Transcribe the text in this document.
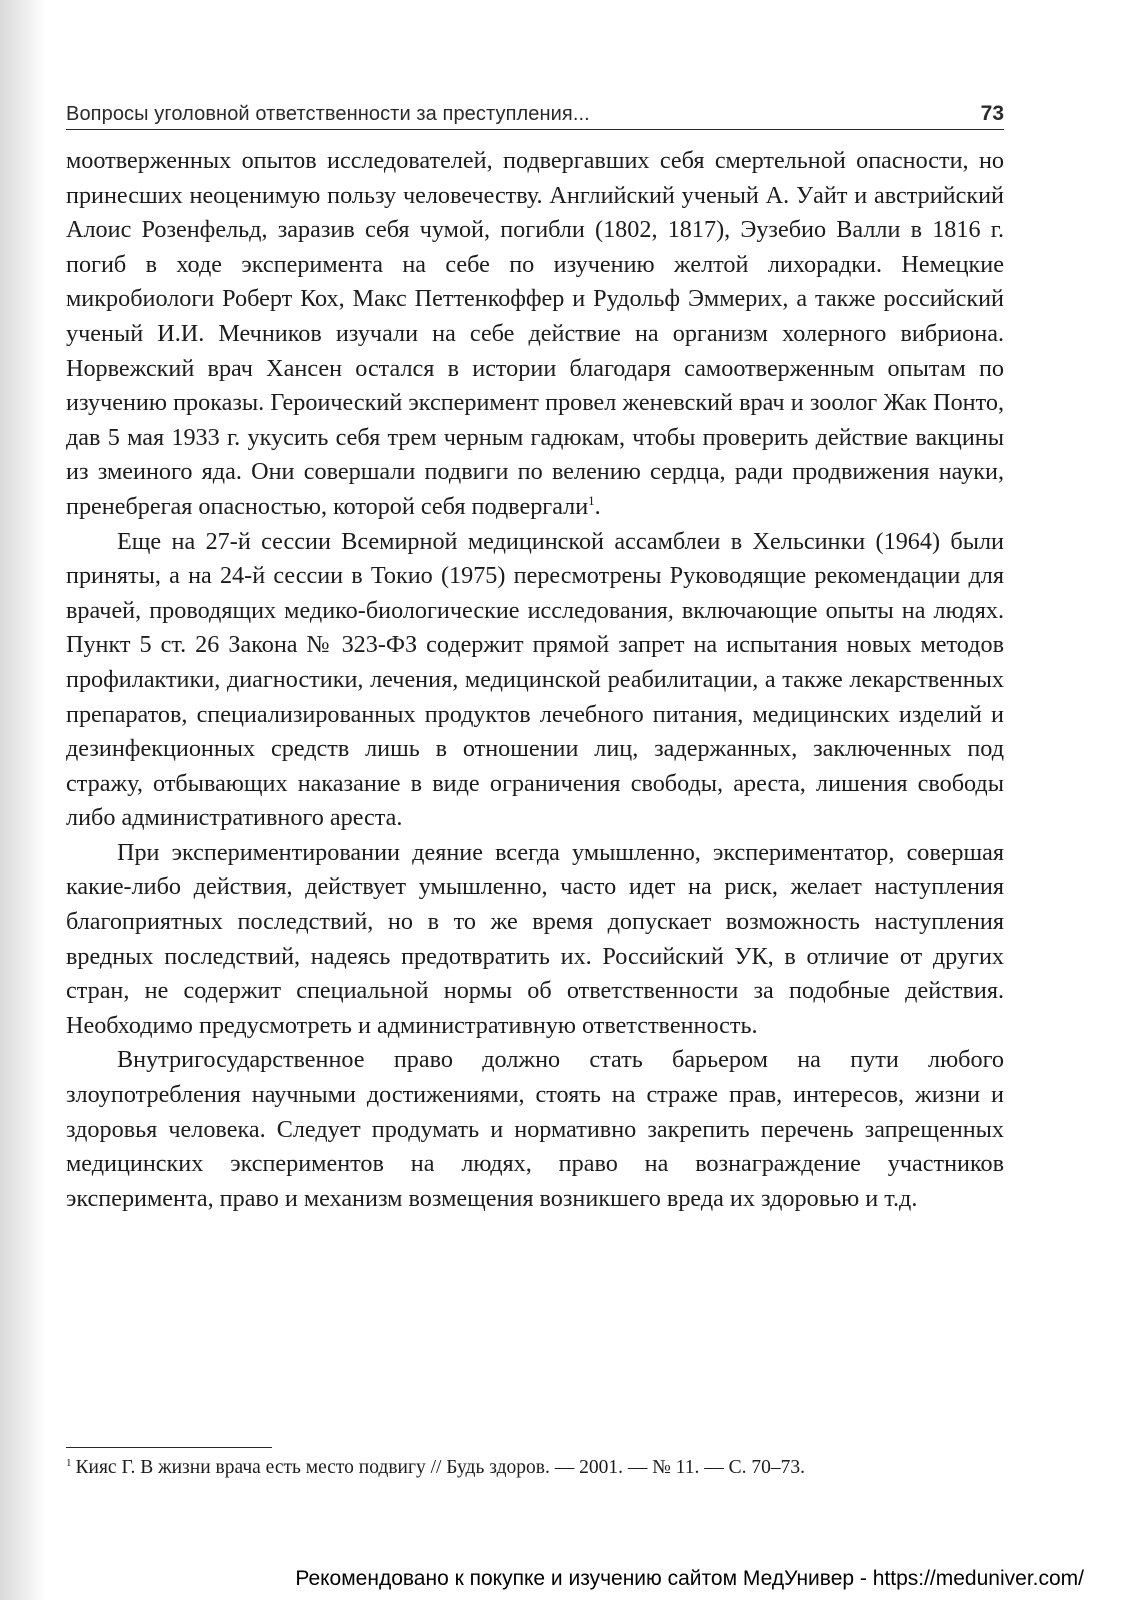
Вопросы уголовной ответственности за преступления...	73

моотверженных опытов исследователей, подвергавших себя смертельной опасности, но принесших неоценимую пользу человечеству. Английский ученый А. Уайт и австрийский Алоис Розенфельд, заразив себя чумой, погибли (1802, 1817), Эузебио Валли в 1816 г. погиб в ходе эксперимента на себе по изучению желтой лихорадки. Немецкие микробиологи Роберт Кох, Макс Петтенкоффер и Рудольф Эммерих, а также российский ученый И.И. Мечников изучали на себе действие на организм холерного вибриона. Норвежский врач Хансен остался в истории благодаря самоотверженным опытам по изучению проказы. Героический эксперимент провел женевский врач и зоолог Жак Понто, дав 5 мая 1933 г. укусить себя трем черным гадюкам, чтобы проверить действие вакцины из змеиного яда. Они совершали подвиги по велению сердца, ради продвижения науки, пренебрегая опасностью, которой себя подвергали$^1$.

Еще на 27-й сессии Всемирной медицинской ассамблеи в Хельсинки (1964) были приняты, а на 24-й сессии в Токио (1975) пересмотрены Руководящие рекомендации для врачей, проводящих медико-биологические исследования, включающие опыты на людях. Пункт 5 ст. 26 Закона № 323-ФЗ содержит прямой запрет на испытания новых методов профилактики, диагностики, лечения, медицинской реабилитации, а также лекарственных препаратов, специализированных продуктов лечебного питания, медицинских изделий и дезинфекционных средств лишь в отношении лиц, задержанных, заключенных под стражу, отбывающих наказание в виде ограничения свободы, ареста, лишения свободы либо административного ареста.

При экспериментировании деяние всегда умышленно, экспериментатор, совершая какие-либо действия, действует умышленно, часто идет на риск, желает наступления благоприятных последствий, но в то же время допускает возможность наступления вредных последствий, надеясь предотвратить их. Российский УК, в отличие от других стран, не содержит специальной нормы об ответственности за подобные действия. Необходимо предусмотреть и административную ответственность.

Внутригосударственное право должно стать барьером на пути любого злоупотребления научными достижениями, стоять на страже прав, интересов, жизни и здоровья человека. Следует продумать и нормативно закрепить перечень запрещенных медицинских экспериментов на людях, право на вознаграждение участников эксперимента, право и механизм возмещения возникшего вреда их здоровью и т.д.

$^1$ Кияс Г. В жизни врача есть место подвигу // Будь здоров. — 2001. — № 11. — С. 70–73.
Рекомендовано к покупке и изучению сайтом МедУнивер - https://meduniver.com/
